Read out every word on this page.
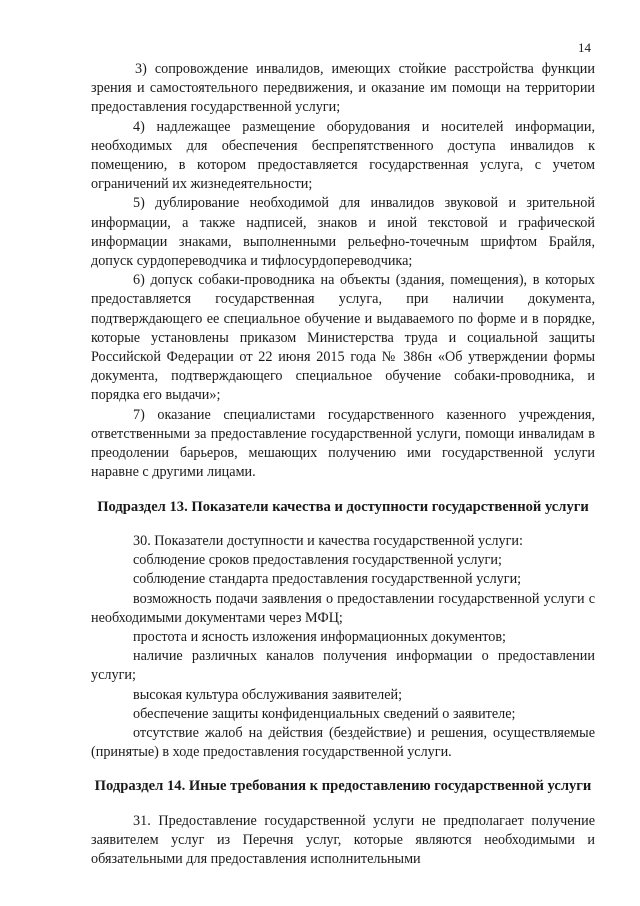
14

3) сопровождение инвалидов, имеющих стойкие расстройства функции зрения и самостоятельного передвижения, и оказание им помощи на территории предоставления государственной услуги;

4) надлежащее размещение оборудования и носителей информации, необходимых для обеспечения беспрепятственного доступа инвалидов к помещению, в котором предоставляется государственная услуга, с учетом ограничений их жизнедеятельности;

5) дублирование необходимой для инвалидов звуковой и зрительной информации, а также надписей, знаков и иной текстовой и графической информации знаками, выполненными рельефно-точечным шрифтом Брайля, допуск сурдопереводчика и тифлосурдопереводчика;

6) допуск собаки-проводника на объекты (здания, помещения), в которых предоставляется государственная услуга, при наличии документа, подтверждающего ее специальное обучение и выдаваемого по форме и в порядке, которые установлены приказом Министерства труда и социальной защиты Российской Федерации от 22 июня 2015 года № 386н «Об утверждении формы документа, подтверждающего специальное обучение собаки-проводника, и порядка его выдачи»;

7) оказание специалистами государственного казенного учреждения, ответственными за предоставление государственной услуги, помощи инвалидам в преодолении барьеров, мешающих получению ими государственной услуги наравне с другими лицами.

Подраздел 13. Показатели качества и доступности государственной услуги

30. Показатели доступности и качества государственной услуги:

соблюдение сроков предоставления государственной услуги;

соблюдение стандарта предоставления государственной услуги;

возможность подачи заявления о предоставлении государственной услуги с необходимыми документами через МФЦ;

простота и ясность изложения информационных документов;

наличие различных каналов получения информации о предоставлении услуги;

высокая культура обслуживания заявителей;

обеспечение защиты конфиденциальных сведений о заявителе;

отсутствие жалоб на действия (бездействие) и решения, осуществляемые (принятые) в ходе предоставления государственной услуги.

Подраздел 14. Иные требования к предоставлению государственной услуги

31. Предоставление государственной услуги не предполагает получение заявителем услуг из Перечня услуг, которые являются необходимыми и обязательными для предоставления исполнительными
